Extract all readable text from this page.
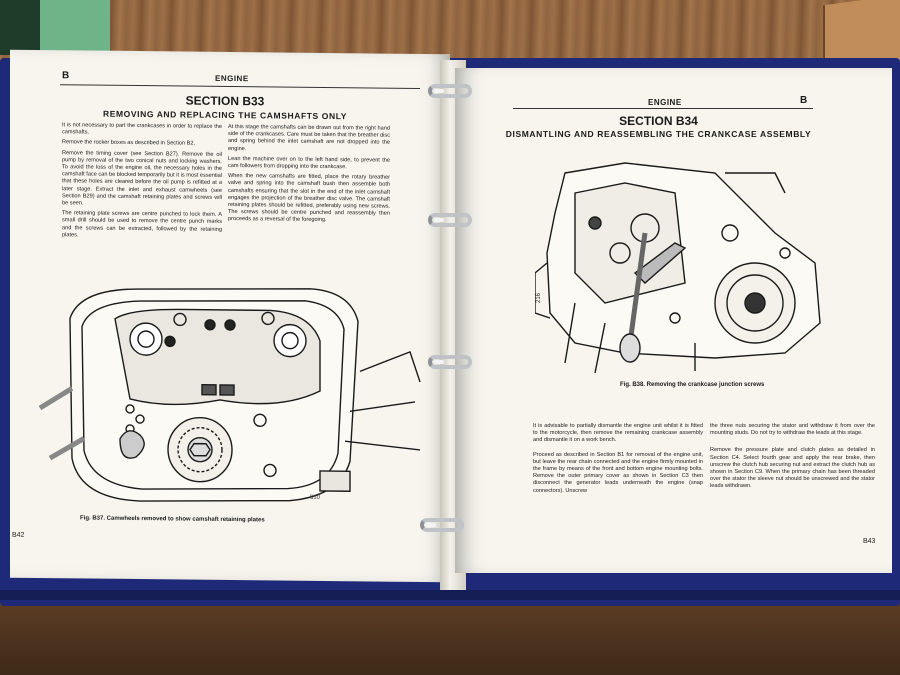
B	ENGINE
SECTION B33
REMOVING AND REPLACING THE CAMSHAFTS ONLY

It is not necessary to part the crankcases in order to replace the camshafts.

Remove the rocker boxes as described in Section B2.

Remove the timing cover (see Section B27). Remove the oil pump by removal of the two conical nuts and locking washers. To avoid the loss of the engine oil, the necessary holes in the camshaft face can be blocked temporarily but it is most essential that these holes are cleared before the oil pump is refitted at a later stage. Extract the inlet and exhaust camwheels (see Section B29) and the camshaft retaining plates and screws will be seen.

The retaining plate screws are centre punched to lock them. A small drill should be used to remove the centre punch marks and the screws can be extracted, followed by the retaining plates.

At this stage the camshafts can be drawn out from the right hand side of the crankcases. Care must be taken that the breather disc and spring behind the inlet camshaft are not dropped into the engine.

Lean the machine over on to the left hand side, to prevent the cam followers from dropping into the crankcase.

When the new camshafts are fitted, place the rotary breather valve and spring into the camshaft bush then assemble both camshafts ensuring that the slot in the end of the inlet camshaft engages the projection of the breather disc valve. The camshaft retaining plates should be refitted, preferably using new screws. The screws should be centre punched and reassembly then proceeds as a reversal of the foregoing.

510
Fig. B37. Camwheels removed to show camshaft retaining plates
B42
ENGINE	B
SECTION B34
DISMANTLING AND REASSEMBLING THE CRANKCASE ASSEMBLY
216
Fig. B38. Removing the crankcase junction screws

It is advisable to partially dismantle the engine unit whilst it is fitted to the motorcycle, then remove the remaining crankcase assembly and dismantle it on a work bench.

Proceed as described in Section B1 for removal of the engine unit, but leave the rear chain connected and the engine firmly mounted in the frame by means of the front and bottom engine mounting bolts. Remove the outer primary cover as shown in Section C3 then disconnect the generator leads underneath the engine (snap connectors). Unscrew

the three nuts securing the stator and withdraw it from over the mounting studs. Do not try to withdraw the leads at this stage.

Remove the pressure plate and clutch plates as detailed in Section C4. Select fourth gear and apply the rear brake, then unscrew the clutch hub securing nut and extract the clutch hub as shown in Section C9. When the primary chain has been threaded over the stator the sleeve nut should be unscrewed and the stator leads withdrawn.

B43
